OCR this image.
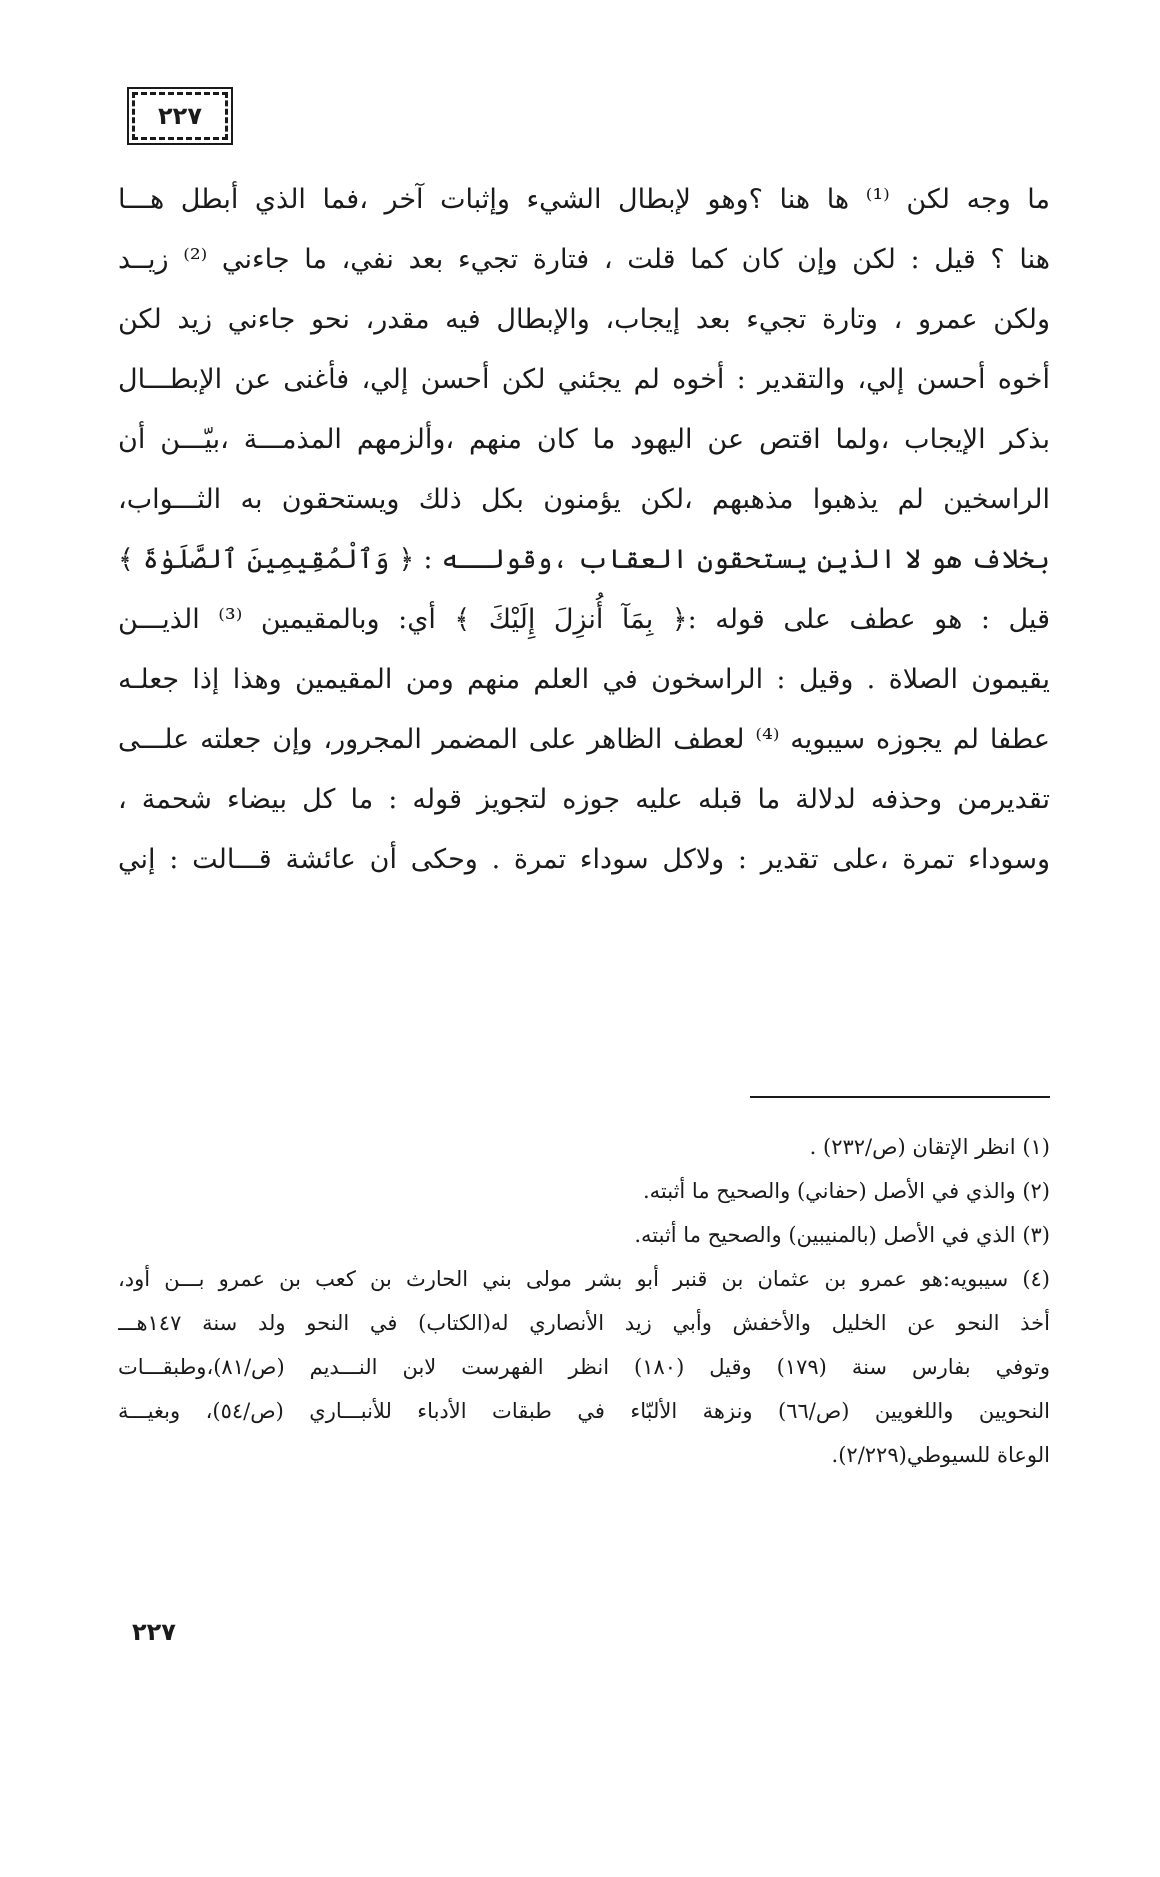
٢٢٧
ما وجه لكن ⁽¹⁾ ها هنا ؟وهو لإبطال الشيء وإثبات آخر ،فما الذي أبطل هـــا
هنا ؟ قيل : لكن وإن كان كما قلت ، فتارة تجيء بعد نفي، ما جاءني ⁽²⁾ زيــد
ولكن عمرو ، وتارة تجيء بعد إيجاب، والإبطال فيه مقدر، نحو جاءني زيد لكن
أخوه أحسن إلي، والتقدير : أخوه لم يجئني لكن أحسن إلي، فأغنى عن الإبطـــال
بذكر الإيجاب ،ولما اقتص عن اليهود ما كان منهم ،وألزمهم المذمـــة ،بيّـــن أن
الراسخين لم يذهبوا مذهبهم ،لكن يؤمنون بكل ذلك ويستحقون به الثـــواب،
بخلاف هو لا الذين يستحقون العقاب ،وقولــه : ﴿ وَٱلْمُقِيمِينَ ٱلصَّلَوٰةَ ﴾
قيل : هو عطف على قوله :﴿ بِمَآ أُنزِلَ إِلَيْكَ ﴾ أي: وبالمقيمين ⁽³⁾ الذيـــن
يقيمون الصلاة . وقيل : الراسخون في العلم منهم ومن المقيمين وهذا إذا جعلـه
عطفا لم يجوزه سيبويه ⁽⁴⁾ لعطف الظاهر على المضمر المجرور، وإن جعلته علـــى
تقديرمن وحذفه لدلالة ما قبله عليه جوزه لتجويز قوله : ما كل بيضاء شحمة ،
وسوداء تمرة ،على تقدير : ولاكل سوداء تمرة . وحكى أن عائشة قـــالت : إني
(١) انظر الإتقان (ص/٢٣٢) .
(٢) والذي في الأصل (حفاني) والصحيح ما أثبته.
(٣) الذي في الأصل (بالمنيبين) والصحيح ما أثبته.
(٤) سيبويه:هو عمرو بن عثمان بن قنبر أبو بشر مولى بني الحارث بن كعب بن عمرو بـــن أود،
أخذ النحو عن الخليل والأخفش وأبي زيد الأنصاري له(الكتاب) في النحو ولد سنة ١٤٧هـــ
وتوفي بفارس سنة (١٧٩) وقيل (١٨٠) انظر الفهرست لابن النـــديم (ص/٨١)،وطبقـــات
النحويين واللغويين (ص/٦٦) ونزهة الألبّاء في طبقات الأدباء للأنبـــاري (ص/٥٤)، وبغيـــة
الوعاة للسيوطي(٢/٢٢٩).
٢٢٧
